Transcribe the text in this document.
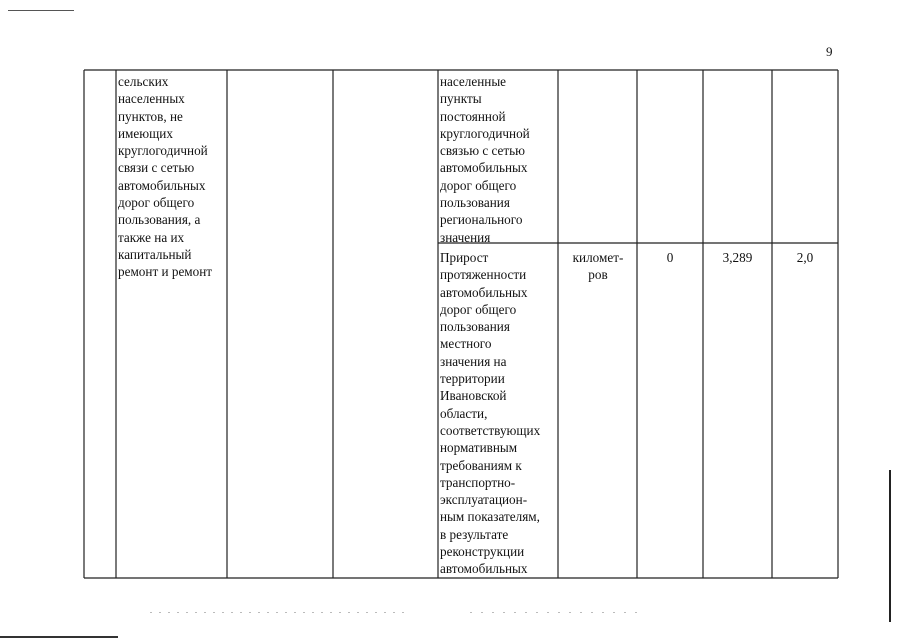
9
сельских
населенных
пунктов, не
имеющих
круглогодичной
связи с сетью
автомобильных
дорог общего
пользования, а
также на их
капитальный
ремонт и ремонт
населенные
пункты
постоянной
круглогодичной
связью с сетью
автомобильных
дорог общего
пользования
регионального
значения
Прирост
протяженности
автомобильных
дорог общего
пользования
местного
значения на
территории
Ивановской
области,
соответствующих
нормативным
требованиям к
транспортно-
эксплуатацион-
ным показателям,
в результате
реконструкции
автомобильных
километ-
ров
0	3,289	2,0
